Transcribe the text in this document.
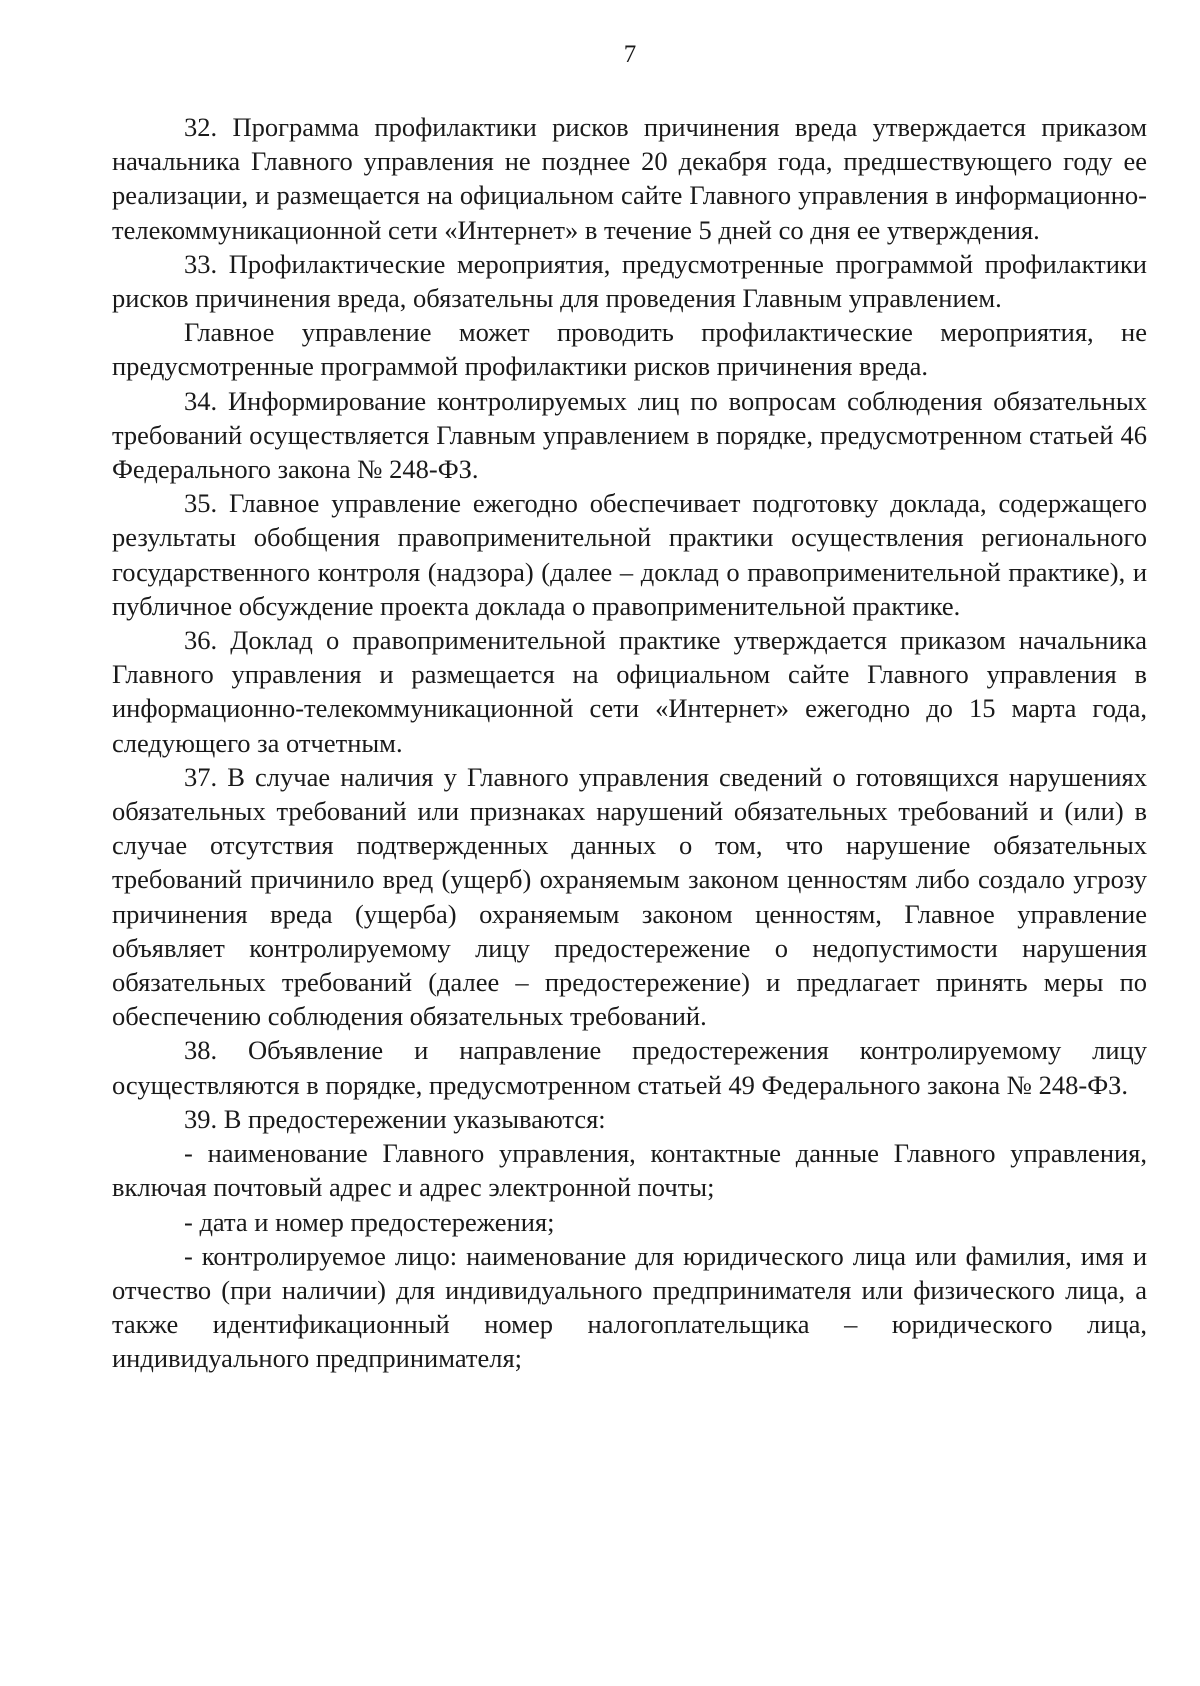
7

32. Программа профилактики рисков причинения вреда утверждается приказом начальника Главного управления не позднее 20 декабря года, предшествующего году ее реализации, и размещается на официальном сайте Главного управления в информационно-телекоммуникационной сети «Интернет» в течение 5 дней со дня ее утверждения.

33. Профилактические мероприятия, предусмотренные программой профилактики рисков причинения вреда, обязательны для проведения Главным управлением.

Главное управление может проводить профилактические мероприятия, не предусмотренные программой профилактики рисков причинения вреда.

34. Информирование контролируемых лиц по вопросам соблюдения обязательных требований осуществляется Главным управлением в порядке, предусмотренном статьей 46 Федерального закона № 248-ФЗ.

35. Главное управление ежегодно обеспечивает подготовку доклада, содержащего результаты обобщения правоприменительной практики осуществления регионального государственного контроля (надзора) (далее – доклад о правоприменительной практике), и публичное обсуждение проекта доклада о правоприменительной практике.

36. Доклад о правоприменительной практике утверждается приказом начальника Главного управления и размещается на официальном сайте Главного управления в информационно-телекоммуникационной сети «Интернет» ежегодно до 15 марта года, следующего за отчетным.

37. В случае наличия у Главного управления сведений о готовящихся нарушениях обязательных требований или признаках нарушений обязательных требований и (или) в случае отсутствия подтвержденных данных о том, что нарушение обязательных требований причинило вред (ущерб) охраняемым законом ценностям либо создало угрозу причинения вреда (ущерба) охраняемым законом ценностям, Главное управление объявляет контролируемому лицу предостережение о недопустимости нарушения обязательных требований (далее – предостережение) и предлагает принять меры по обеспечению соблюдения обязательных требований.

38. Объявление и направление предостережения контролируемому лицу осуществляются в порядке, предусмотренном статьей 49 Федерального закона № 248-ФЗ.

39. В предостережении указываются:

- наименование Главного управления, контактные данные Главного управления, включая почтовый адрес и адрес электронной почты;

- дата и номер предостережения;

- контролируемое лицо: наименование для юридического лица или фамилия, имя и отчество (при наличии) для индивидуального предпринимателя или физического лица, а также идентификационный номер налогоплательщика – юридического лица, индивидуального предпринимателя;
